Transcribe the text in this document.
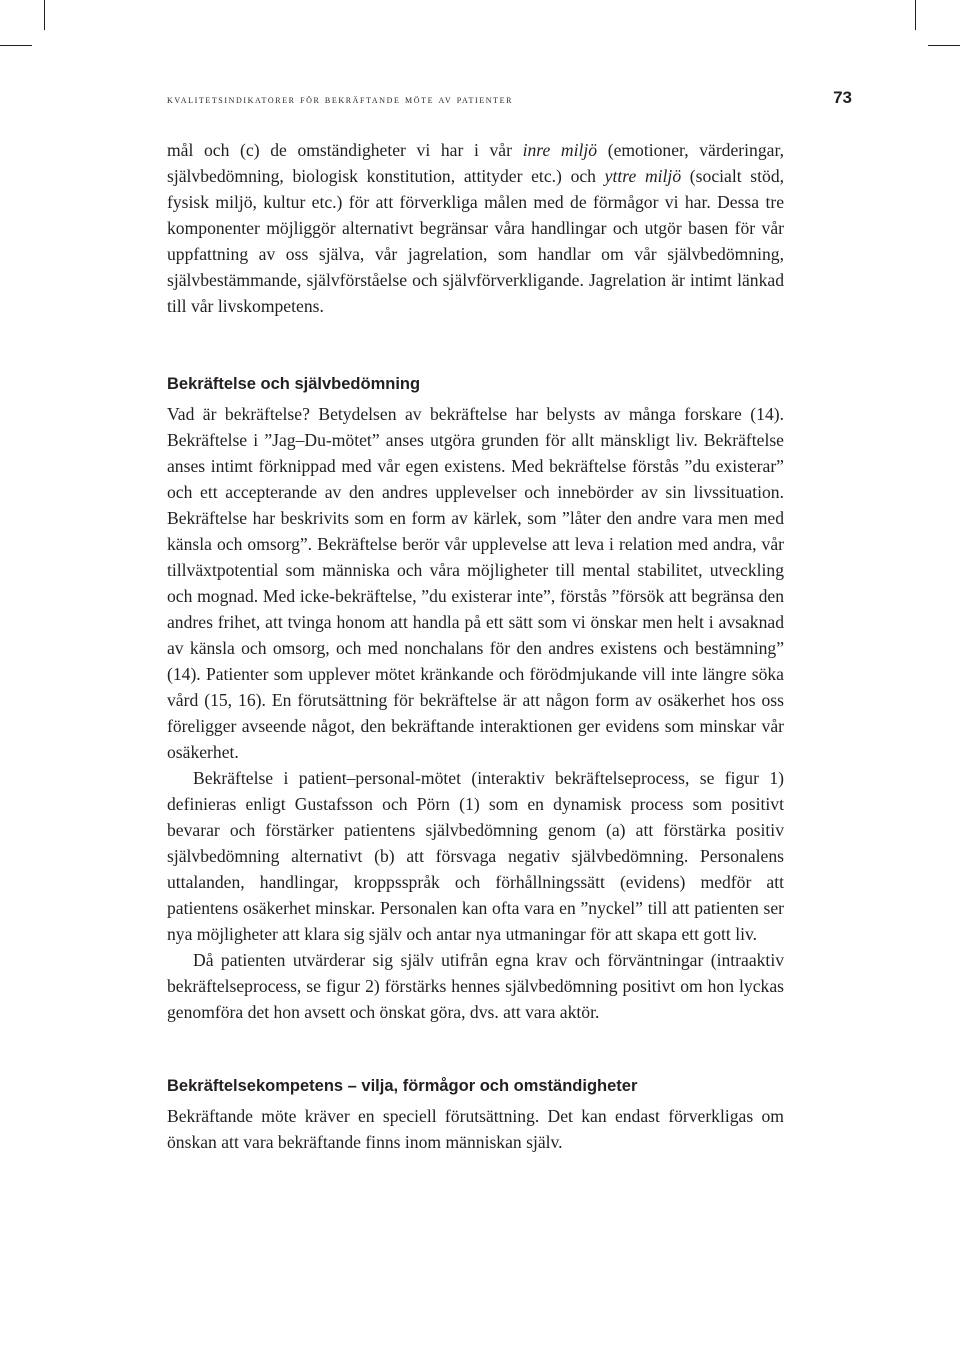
kvalitetsindikatorer för bekräftande möte av patienter	73

mål och (c) de omständigheter vi har i vår inre miljö (emotioner, värderingar, självbedömning, biologisk konstitution, attityder etc.) och yttre miljö (socialt stöd, fysisk miljö, kultur etc.) för att förverkliga målen med de förmågor vi har. Dessa tre komponenter möjliggör alternativt begränsar våra handlingar och utgör basen för vår uppfattning av oss själva, vår jagrelation, som handlar om vår självbedömning, självbestämmande, självförståelse och självförverkligande. Jagrelation är intimt länkad till vår livskompetens.

Bekräftelse och självbedömning

Vad är bekräftelse? Betydelsen av bekräftelse har belysts av många forskare (14). Bekräftelse i ”Jag–Du-mötet” anses utgöra grunden för allt mänskligt liv. Bekräftelse anses intimt förknippad med vår egen existens. Med bekräftelse förstås ”du existerar” och ett accepterande av den andres upplevelser och innebörder av sin livssituation. Bekräftelse har beskrivits som en form av kärlek, som ”låter den andre vara men med känsla och omsorg”. Bekräftelse berör vår upplevelse att leva i relation med andra, vår tillväxtpotential som människa och våra möjligheter till mental stabilitet, utveckling och mognad. Med icke-bekräftelse, ”du existerar inte”, förstås ”försök att begränsa den andres frihet, att tvinga honom att handla på ett sätt som vi önskar men helt i avsaknad av känsla och omsorg, och med nonchalans för den andres existens och bestämning” (14). Patienter som upplever mötet kränkande och förödmjukande vill inte längre söka vård (15, 16). En förutsättning för bekräftelse är att någon form av osäkerhet hos oss föreligger avseende något, den bekräftande interaktionen ger evidens som minskar vår osäkerhet.

Bekräftelse i patient–personal-mötet (interaktiv bekräftelseprocess, se figur 1) definieras enligt Gustafsson och Pörn (1) som en dynamisk process som positivt bevarar och förstärker patientens självbedömning genom (a) att förstärka positiv självbedömning alternativt (b) att försvaga negativ självbedömning. Personalens uttalanden, handlingar, kroppsspråk och förhållningssätt (evidens) medför att patientens osäkerhet minskar. Personalen kan ofta vara en ”nyckel” till att patienten ser nya möjligheter att klara sig själv och antar nya utmaningar för att skapa ett gott liv.

Då patienten utvärderar sig själv utifrån egna krav och förväntningar (intraaktiv bekräftelseprocess, se figur 2) förstärks hennes självbedömning positivt om hon lyckas genomföra det hon avsett och önskat göra, dvs. att vara aktör.

Bekräftelsekompetens – vilja, förmågor och omständigheter

Bekräftande möte kräver en speciell förutsättning. Det kan endast förverkligas om önskan att vara bekräftande finns inom människan själv.
